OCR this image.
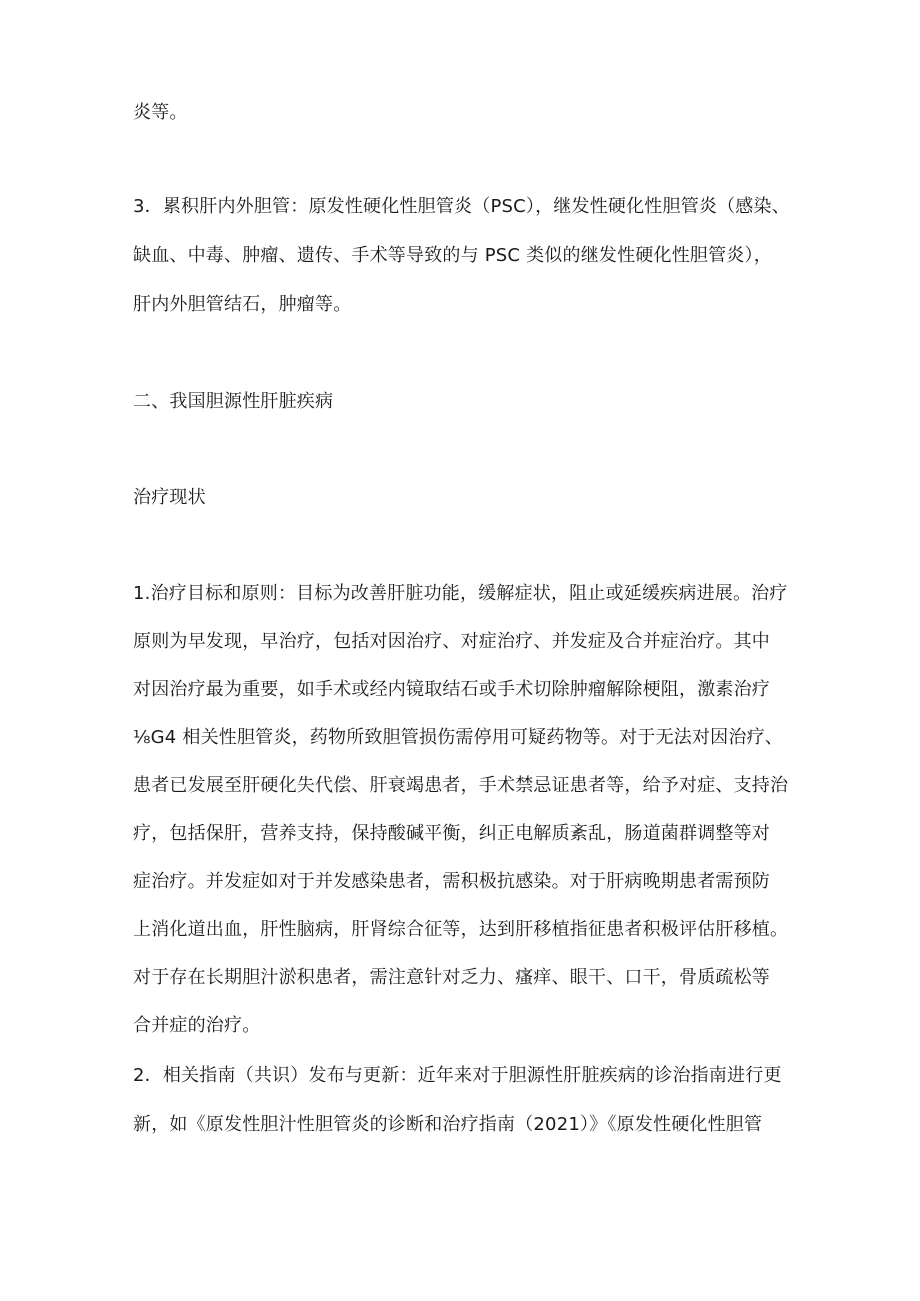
炎等。
3．累积肝内外胆管：原发性硬化性胆管炎（PSC），继发性硬化性胆管炎（感染、
缺血、中毒、肿瘤、遗传、手术等导致的与 PSC 类似的继发性硬化性胆管炎），
肝内外胆管结石，肿瘤等。
二、我国胆源性肝脏疾病
治疗现状
1.治疗目标和原则：目标为改善肝脏功能，缓解症状，阻止或延缓疾病进展。治疗
原则为早发现，早治疗，包括对因治疗、对症治疗、并发症及合并症治疗。其中
对因治疗最为重要，如手术或经内镜取结石或手术切除肿瘤解除梗阻，激素治疗
⅛G4 相关性胆管炎，药物所致胆管损伤需停用可疑药物等。对于无法对因治疗、
患者已发展至肝硬化失代偿、肝衰竭患者，手术禁忌证患者等，给予对症、支持治
疗，包括保肝，营养支持，保持酸碱平衡，纠正电解质紊乱，肠道菌群调整等对
症治疗。并发症如对于并发感染患者，需积极抗感染。对于肝病晚期患者需预防
上消化道出血，肝性脑病，肝肾综合征等，达到肝移植指征患者积极评估肝移植。
对于存在长期胆汁淤积患者，需注意针对乏力、瘙痒、眼干、口干，骨质疏松等
合并症的治疗。
2．相关指南（共识）发布与更新：近年来对于胆源性肝脏疾病的诊治指南进行更
新，如《原发性胆汁性胆管炎的诊断和治疗指南（2021）》《原发性硬化性胆管
